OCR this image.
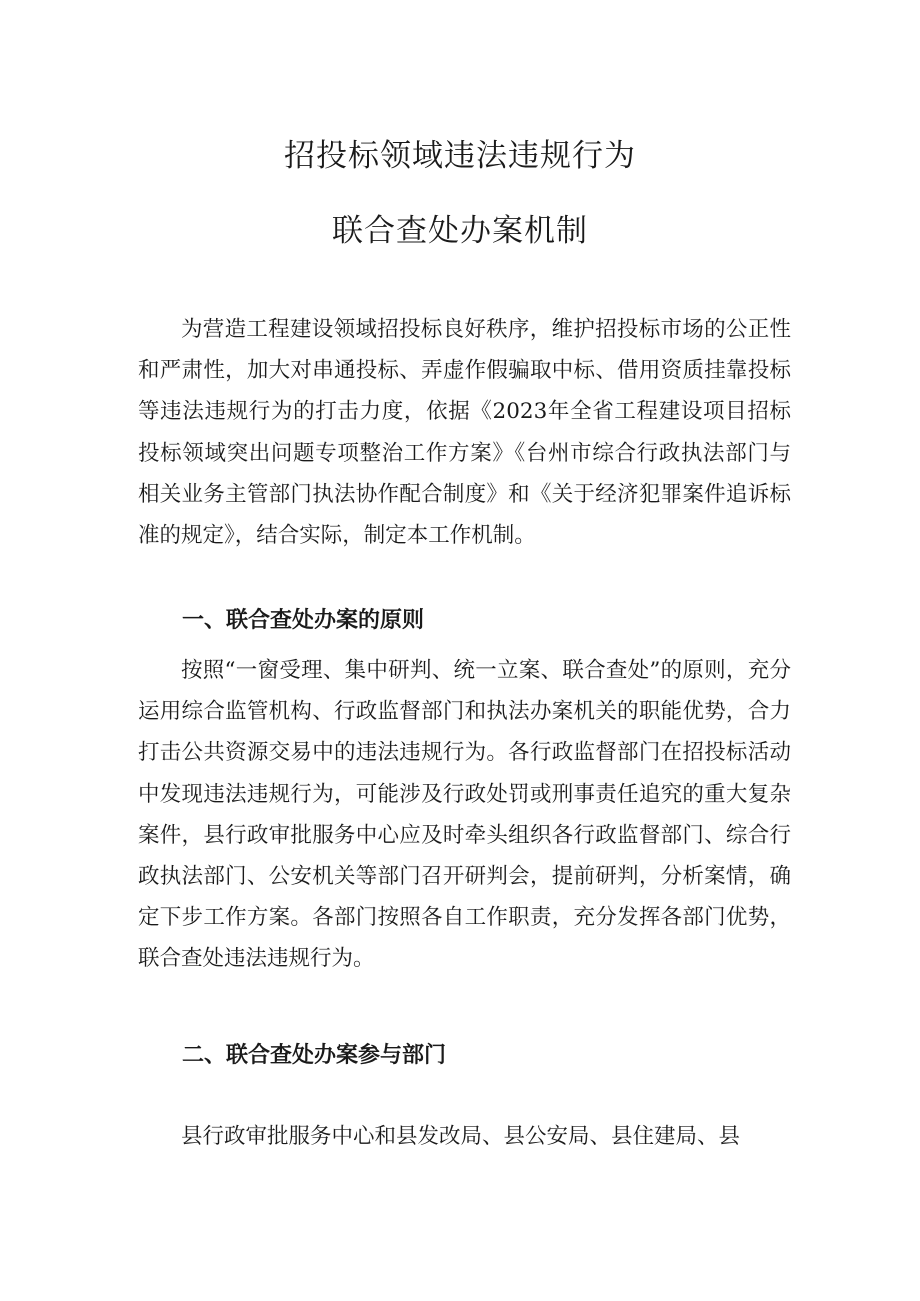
招投标领域违法违规行为
联合查处办案机制

为营造工程建设领域招投标良好秩序，维护招投标市场的公正性和严肃性，加大对串通投标、弄虚作假骗取中标、借用资质挂靠投标等违法违规行为的打击力度，依据《2023年全省工程建设项目招标投标领域突出问题专项整治工作方案》《台州市综合行政执法部门与相关业务主管部门执法协作配合制度》和《关于经济犯罪案件追诉标准的规定》，结合实际，制定本工作机制。

一、联合查处办案的原则

按照“一窗受理、集中研判、统一立案、联合查处”的原则，充分运用综合监管机构、行政监督部门和执法办案机关的职能优势，合力打击公共资源交易中的违法违规行为。各行政监督部门在招投标活动中发现违法违规行为，可能涉及行政处罚或刑事责任追究的重大复杂案件，县行政审批服务中心应及时牵头组织各行政监督部门、综合行政执法部门、公安机关等部门召开研判会，提前研判，分析案情，确定下步工作方案。各部门按照各自工作职责，充分发挥各部门优势，联合查处违法违规行为。

二、联合查处办案参与部门

县行政审批服务中心和县发改局、县公安局、县住建局、县
